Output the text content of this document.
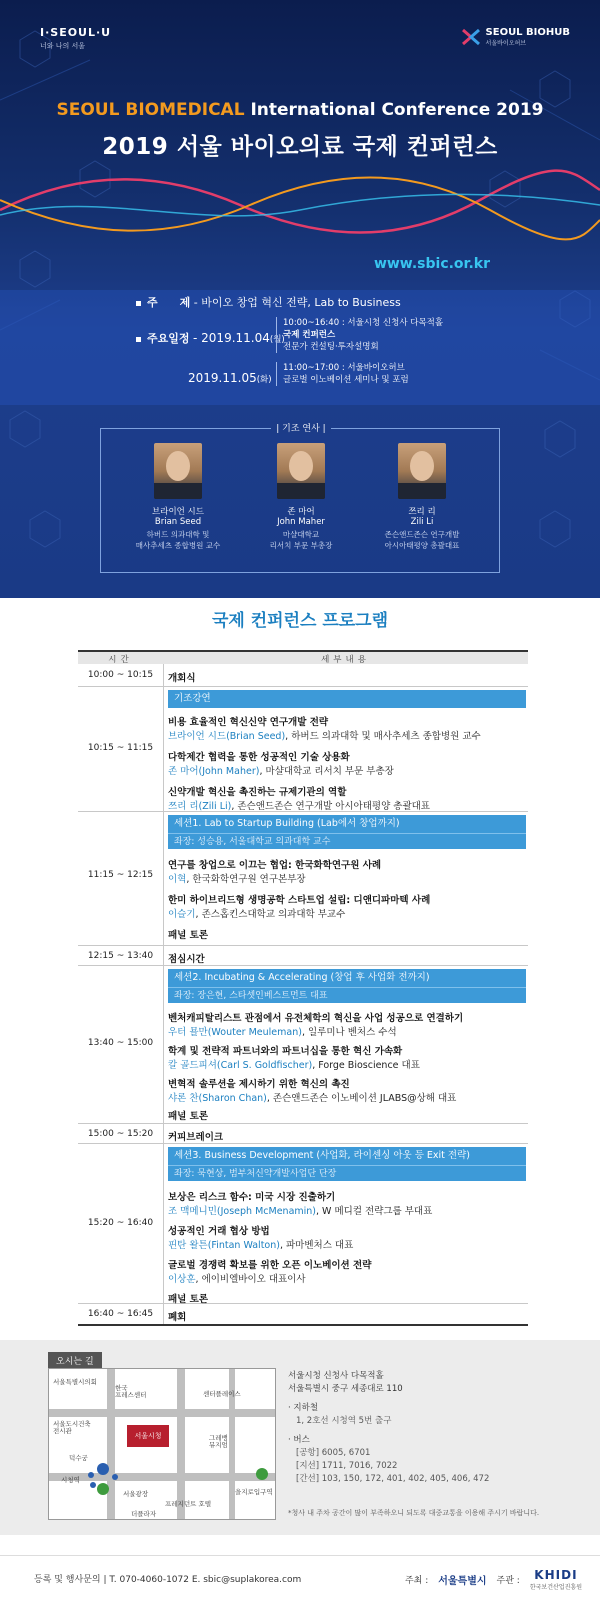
I·SEOUL·U
너와 나의 서울
SEOUL BIOHUB
서울바이오허브
SEOUL BIOMEDICAL International Conference 2019
2019 서울 바이오의료 국제 컨퍼런스
www.sbic.or.kr
주　　제 - 바이오 창업 혁신 전략, Lab to Business
주요일정 - 2019.11.04(월)
10:00~16:40 : 서울시청 신청사 다목적홀
국제 컨퍼런스
전문가 컨설팅·투자설명회
2019.11.05(화)
11:00~17:00 : 서울바이오허브
글로벌 이노베이션 세미나 및 포럼
| 기조 연사 |
브라이언 시드
Brian Seed
하버드 의과대학 및
매사추세츠 종합병원 교수
존 마어
John Maher
마샬대학교
리서치 부문 부총장
쯔리 리
Zili Li
존슨앤드존슨 연구개발
아시아태평양 총괄대표
국제 컨퍼런스 프로그램
시간	세부내용
10:00 ~ 10:15	개회식
10:15 ~ 11:15
기조강연
비용 효율적인 혁신신약 연구개발 전략
브라이언 시드(Brian Seed), 하버드 의과대학 및 매사추세츠 종합병원 교수
다학제간 협력을 통한 성공적인 기술 상용화
존 마어(John Maher), 마샬대학교 리서치 부문 부총장
신약개발 혁신을 촉진하는 규제기관의 역할
쯔리 리(Zili Li), 존슨앤드존슨 연구개발 아시아태평양 총괄대표
11:15 ~ 12:15
세션1. Lab to Startup Building (Lab에서 창업까지)
좌장: 성승용, 서울대학교 의과대학 교수
연구를 창업으로 이끄는 협업: 한국화학연구원 사례
이혁, 한국화학연구원 연구본부장
한미 하이브리드형 생명공학 스타트업 설립: 디앤디파마텍 사례
이슬기, 존스홉킨스대학교 의과대학 부교수
패널 토론
12:15 ~ 13:40	점심시간
13:40 ~ 15:00
세션2. Incubating & Accelerating (창업 후 사업화 전까지)
좌장: 장은현, 스타셋인베스트먼트 대표
벤처캐피탈리스트 관점에서 유전체학의 혁신을 사업 성공으로 연결하기
우터 묠만(Wouter Meuleman), 일루미나 벤처스 수석
학계 및 전략적 파트너와의 파트너십을 통한 혁신 가속화
칼 골드피셔(Carl S. Goldfischer), Forge Bioscience 대표
변혁적 솔루션을 제시하기 위한 혁신의 촉진
샤론 찬(Sharon Chan), 존슨앤드존슨 이노베이션 JLABS@상해 대표
패널 토론
15:00 ~ 15:20	커피브레이크
15:20 ~ 16:40
세션3. Business Development (사업화, 라이센싱 아웃 등 Exit 전략)
좌장: 묵현상, 범부처신약개발사업단 단장
보상은 리스크 함수: 미국 시장 진출하기
조 맥메니민(Joseph McMenamin), W 메디컬 전략그룹 부대표
성공적인 거래 협상 방법
핀탄 왈튼(Fintan Walton), 파마벤처스 대표
글로벌 경쟁력 확보를 위한 오픈 이노베이션 전략
이상훈, 에이비엘바이오 대표이사
패널 토론
16:40 ~ 16:45	폐회
오시는 길
서울특별시의회
한국
프레스센터	센터플레이스
서울도시건축
전시관
서울시청	그레뱅
뮤지엄
덕수궁
시청역
서울광장	을지로입구역
프레지던트 호텔
더플라자
서울시청 신청사 다목적홀
서울특별시 중구 세종대로 110
· 지하철
1, 2호선 시청역 5번 출구
· 버스
[공항] 6005, 6701
[지선] 1711, 7016, 7022
[간선] 103, 150, 172, 401, 402, 405, 406, 472
*청사 내 주차 공간이 많이 부족하오니 되도록 대중교통을 이용해 주시기 바랍니다.
등록 및 행사문의 | T. 070-4060-1072 E. sbic@suplakorea.com	주최 : 서울특별시 주관 : KHIDI
한국보건산업진흥원
